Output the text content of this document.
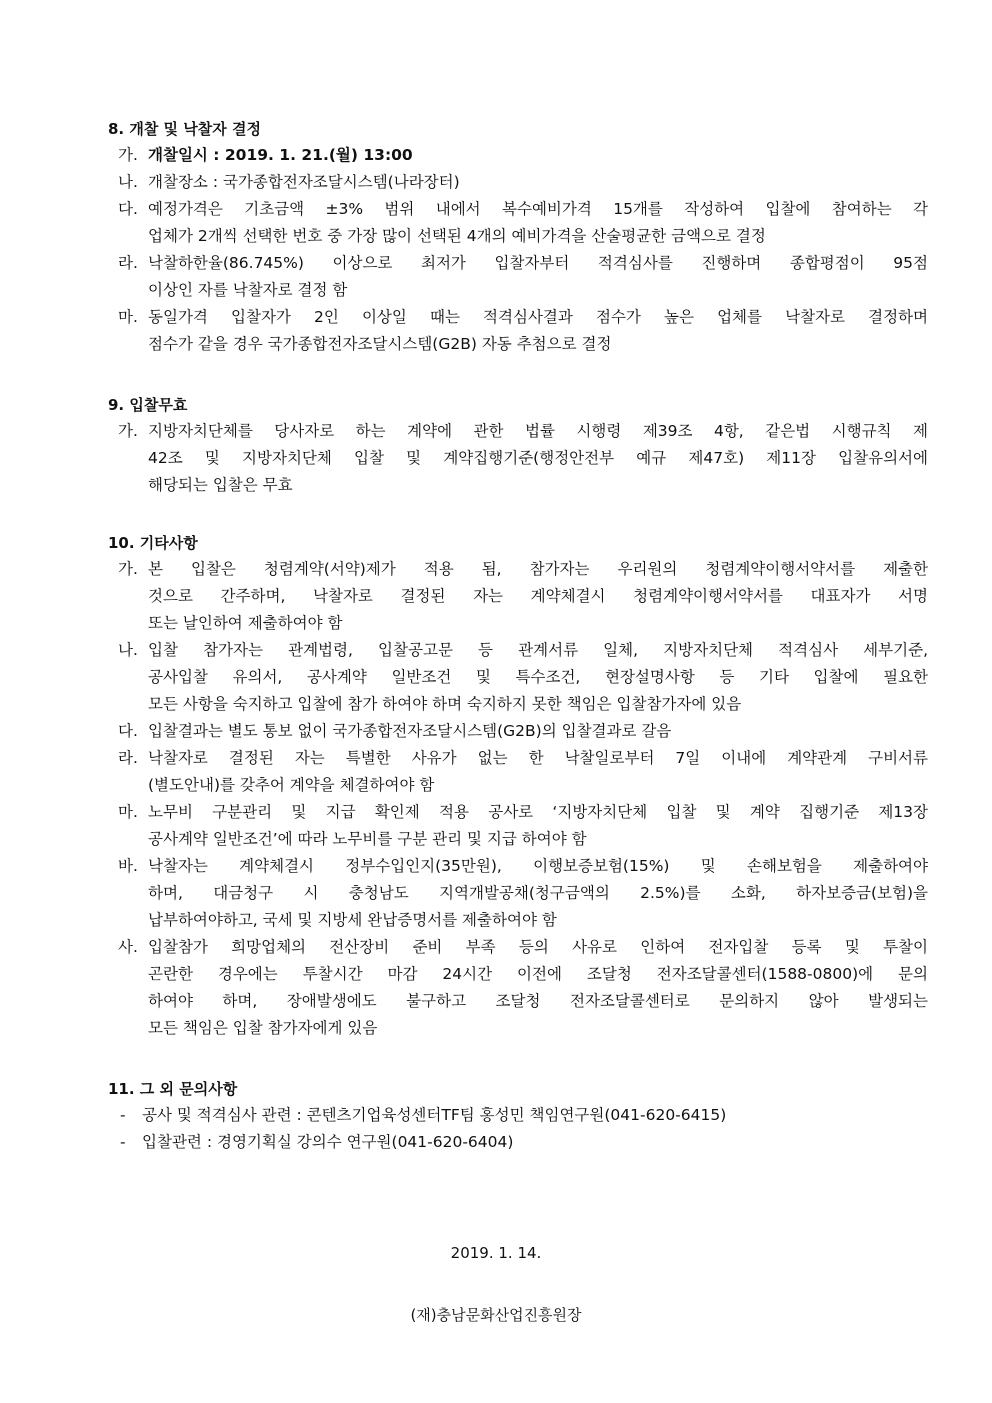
8. 개찰 및 낙찰자 결정
가. 개찰일시 : 2019. 1. 21.(월) 13:00
나. 개찰장소 : 국가종합전자조달시스템(나라장터)
다. 예정가격은 기초금액 ±3% 범위 내에서 복수예비가격 15개를 작성하여 입찰에 참여하는 각
업체가 2개씩 선택한 번호 중 가장 많이 선택된 4개의 예비가격을 산술평균한 금액으로 결정
라. 낙찰하한율(86.745%) 이상으로 최저가 입찰자부터 적격심사를 진행하며 종합평점이 95점
이상인 자를 낙찰자로 결정 함
마. 동일가격 입찰자가 2인 이상일 때는 적격심사결과 점수가 높은 업체를 낙찰자로 결정하며
점수가 같을 경우 국가종합전자조달시스템(G2B) 자동 추첨으로 결정
9. 입찰무효
가. 지방자치단체를 당사자로 하는 계약에 관한 법률 시행령 제39조 4항, 같은법 시행규칙 제
42조 및 지방자치단체 입찰 및 계약집행기준(행정안전부 예규 제47호) 제11장 입찰유의서에
해당되는 입찰은 무효
10. 기타사항
가. 본 입찰은 청렴계약(서약)제가 적용 됨, 참가자는 우리원의 청렴계약이행서약서를 제출한
것으로 간주하며, 낙찰자로 결정된 자는 계약체결시 청렴계약이행서약서를 대표자가 서명
또는 날인하여 제출하여야 함
나. 입찰 참가자는 관계법령, 입찰공고문 등 관계서류 일체, 지방자치단체 적격심사 세부기준,
공사입찰 유의서, 공사계약 일반조건 및 특수조건, 현장설명사항 등 기타 입찰에 필요한
모든 사항을 숙지하고 입찰에 참가 하여야 하며 숙지하지 못한 책임은 입찰참가자에 있음
다. 입찰결과는 별도 통보 없이 국가종합전자조달시스템(G2B)의 입찰결과로 갈음
라. 낙찰자로 결정된 자는 특별한 사유가 없는 한 낙찰일로부터 7일 이내에 계약관계 구비서류
(별도안내)를 갖추어 계약을 체결하여야 함
마. 노무비 구분관리 및 지급 확인제 적용 공사로 ‘지방자치단체 입찰 및 계약 집행기준 제13장
공사계약 일반조건’에 따라 노무비를 구분 관리 및 지급 하여야 함
바. 낙찰자는 계약체결시 정부수입인지(35만원), 이행보증보험(15%) 및 손해보험을 제출하여야
하며, 대금청구 시 충청남도 지역개발공채(청구금액의 2.5%)를 소화, 하자보증금(보험)을
납부하여야하고, 국세 및 지방세 완납증명서를 제출하여야 함
사. 입찰참가 희망업체의 전산장비 준비 부족 등의 사유로 인하여 전자입찰 등록 및 투찰이
곤란한 경우에는 투찰시간 마감 24시간 이전에 조달청 전자조달콜센터(1588-0800)에 문의
하여야 하며, 장애발생에도 불구하고 조달청 전자조달콜센터로 문의하지 않아 발생되는
모든 책임은 입찰 참가자에게 있음
11. 그 외 문의사항
-	공사 및 적격심사 관련 : 콘텐츠기업육성센터TF팀 홍성민 책임연구원(041-620-6415)
-	입찰관련 : 경영기획실 강의수 연구원(041-620-6404)
2019. 1. 14.
(재)충남문화산업진흥원장
